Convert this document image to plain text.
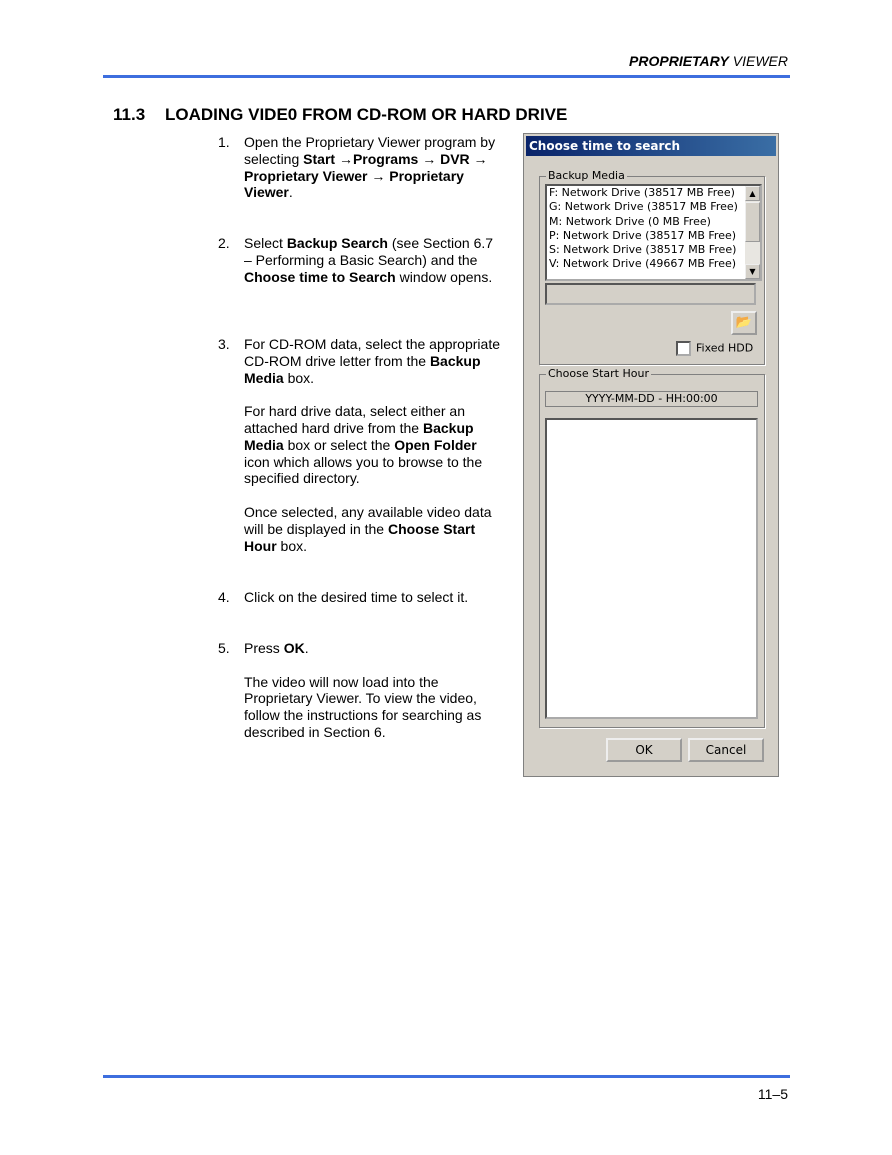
PROPRIETARY VIEWER
11.3 LOADING VIDE0 FROM CD-ROM OR HARD DRIVE
1. Open the Proprietary Viewer program by selecting Start →Programs → DVR → Proprietary Viewer → Proprietary Viewer.

2. Select Backup Search (see Section 6.7 – Performing a Basic Search) and the Choose time to Search window opens.

3. For CD-ROM data, select the appropriate CD-ROM drive letter from the Backup Media box.

For hard drive data, select either an attached hard drive from the Backup Media box or select the Open Folder icon which allows you to browse to the specified directory.

Once selected, any available video data will be displayed in the Choose Start Hour box.

4. Click on the desired time to select it.

5. Press OK.

The video will now load into the Proprietary Viewer. To view the video, follow the instructions for searching as described in Section 6.

Choose time to search
Backup Media
F: Network Drive (38517 MB Free)
G: Network Drive (38517 MB Free)
M: Network Drive (0 MB Free)
P: Network Drive (38517 MB Free)
S: Network Drive (38517 MB Free)
V: Network Drive (49667 MB Free)
▲
▼
📂
Fixed HDD
Choose Start Hour
YYYY-MM-DD - HH:00:00
OK	Cancel
11–5
